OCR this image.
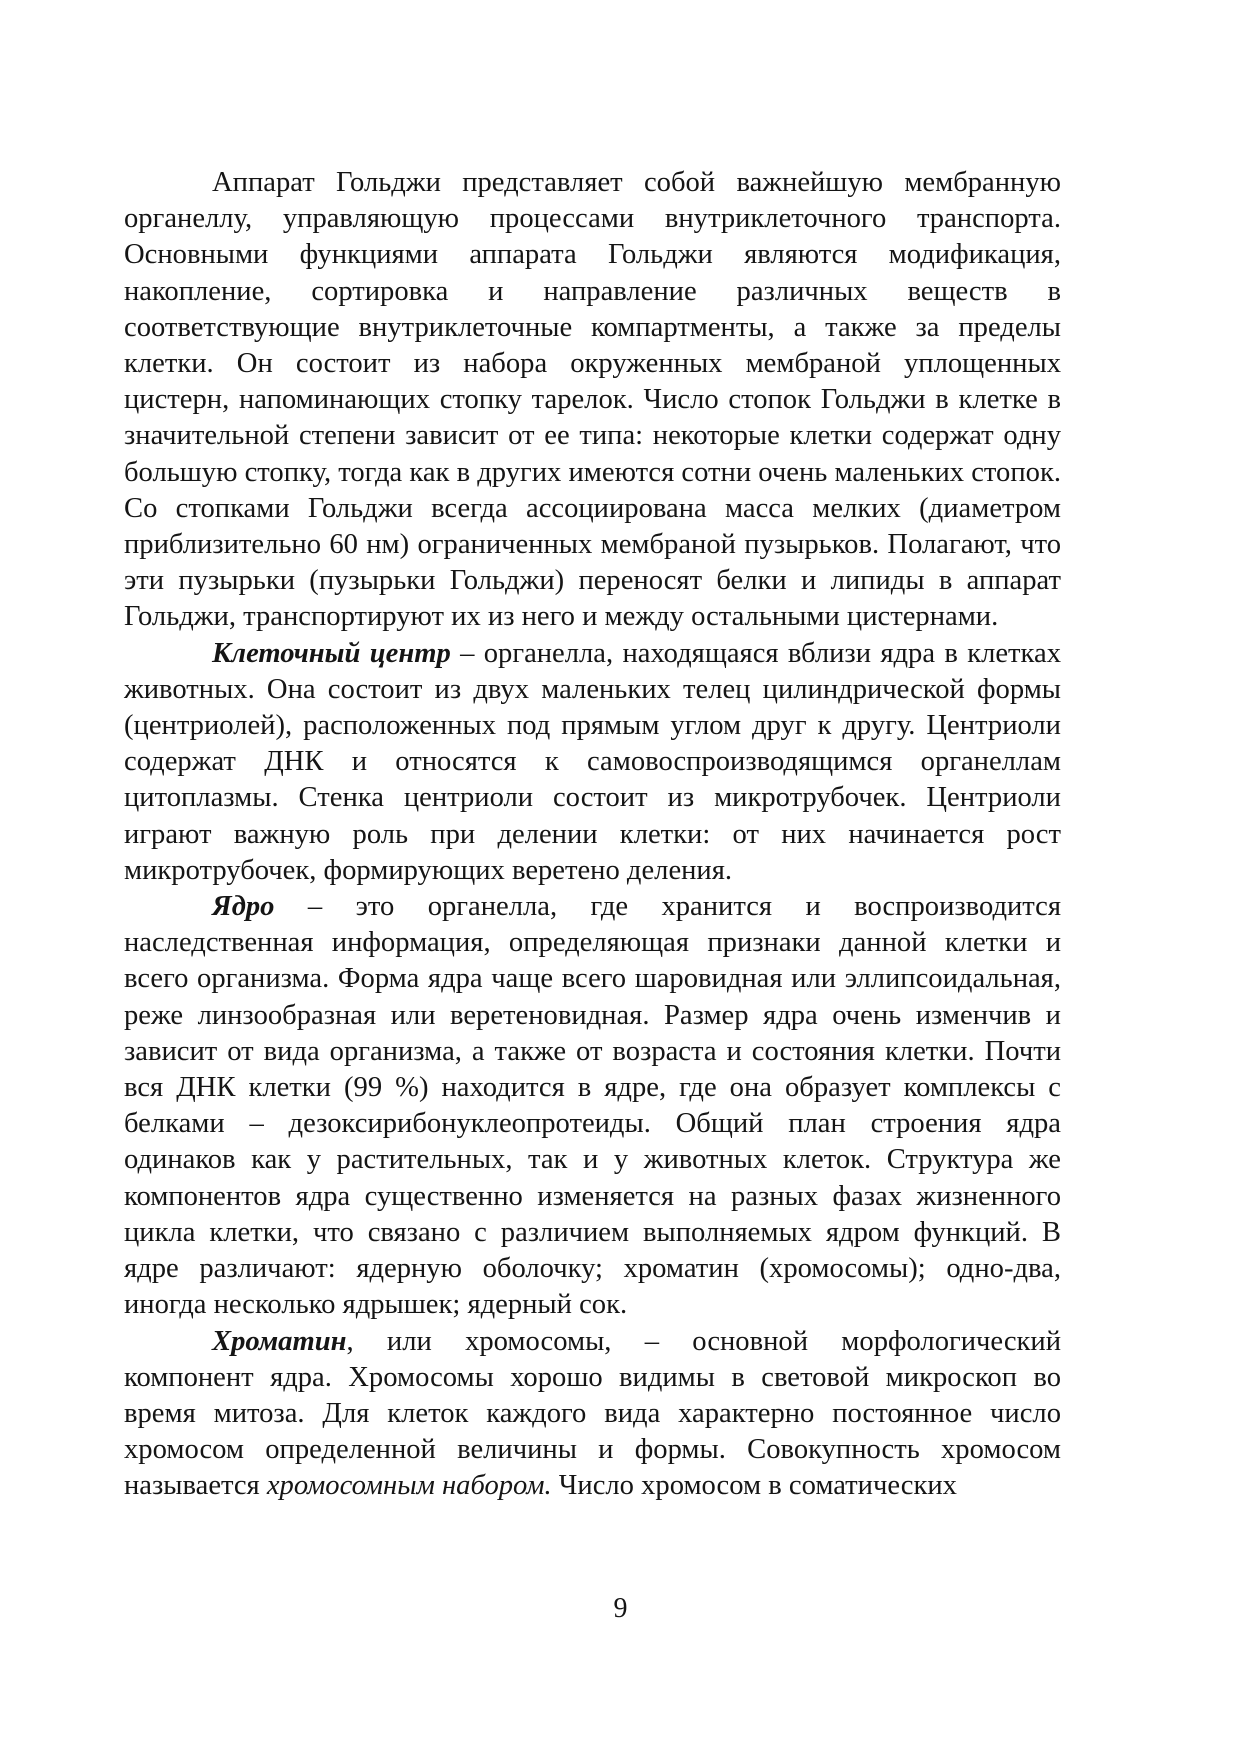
Аппарат Гольджи представляет собой важнейшую мембранную органеллу, управляющую процессами внутриклеточного транспорта. Основными функциями аппарата Гольджи являются модификация, накопление, сортировка и направление различных веществ в соответствующие внутриклеточные компартменты, а также за пределы клетки. Он состоит из набора окруженных мембраной уплощенных цистерн, напоминающих стопку тарелок. Число стопок Гольджи в клетке в значительной степени зависит от ее типа: некоторые клетки содержат одну большую стопку, тогда как в других имеются сотни очень маленьких стопок. Со стопками Гольджи всегда ассоциирована масса мелких (диаметром приблизительно 60 нм) ограниченных мембраной пузырьков. Полагают, что эти пузырьки (пузырьки Гольджи) переносят белки и липиды в аппарат Гольджи, транспортируют их из него и между остальными цистернами.

Клеточный центр – органелла, находящаяся вблизи ядра в клетках животных. Она состоит из двух маленьких телец цилиндрической формы (центриолей), расположенных под прямым углом друг к другу. Центриоли содержат ДНК и относятся к самовоспроизводящимся органеллам цитоплазмы. Стенка центриоли состоит из микротрубочек. Центриоли играют важную роль при делении клетки: от них начинается рост микротрубочек, формирующих веретено деления.

Ядро – это органелла, где хранится и воспроизводится наследственная информация, определяющая признаки данной клетки и всего организма. Форма ядра чаще всего шаровидная или эллипсоидальная, реже линзообразная или веретеновидная. Размер ядра очень изменчив и зависит от вида организма, а также от возраста и состояния клетки. Почти вся ДНК клетки (99 %) находится в ядре, где она образует комплексы с белками – дезоксирибонуклеопротеиды. Общий план строения ядра одинаков как у растительных, так и у животных клеток. Структура же компонентов ядра существенно изменяется на разных фазах жизненного цикла клетки, что связано с различием выполняемых ядром функций. В ядре различают: ядерную оболочку; хроматин (хромосомы); одно-два, иногда несколько ядрышек; ядерный сок.

Хроматин, или хромосомы, – основной морфологический компонент ядра. Хромосомы хорошо видимы в световой микроскоп во время митоза. Для клеток каждого вида характерно постоянное число хромосом определенной величины и формы. Совокупность хромосом называется хромосомным набором. Число хромосом в соматических

9
